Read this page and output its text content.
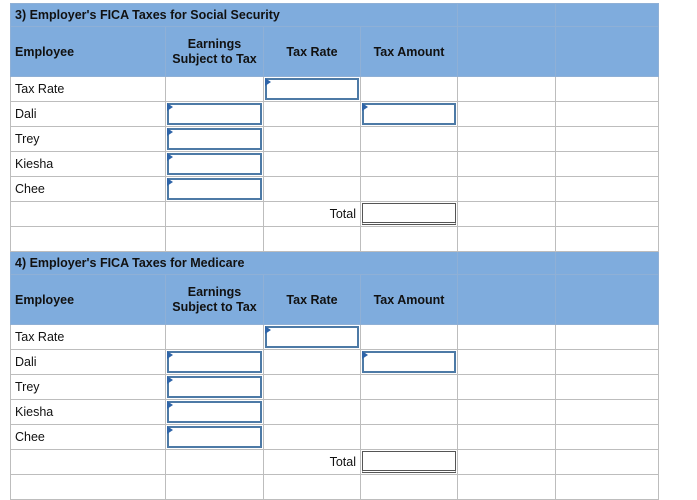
3) Employer's FICA Taxes for Social Security					
Employee	Earnings Subject to Tax	Tax Rate	Tax Amount		
Tax Rate		

Dali	

Trey	

Kiesha	

Chee	

		Total	

4) Employer's FICA Taxes for Medicare					
Employee	Earnings Subject to Tax	Tax Rate	Tax Amount		
Tax Rate		

Dali	

Trey	

Kiesha	

Chee	

		Total	
